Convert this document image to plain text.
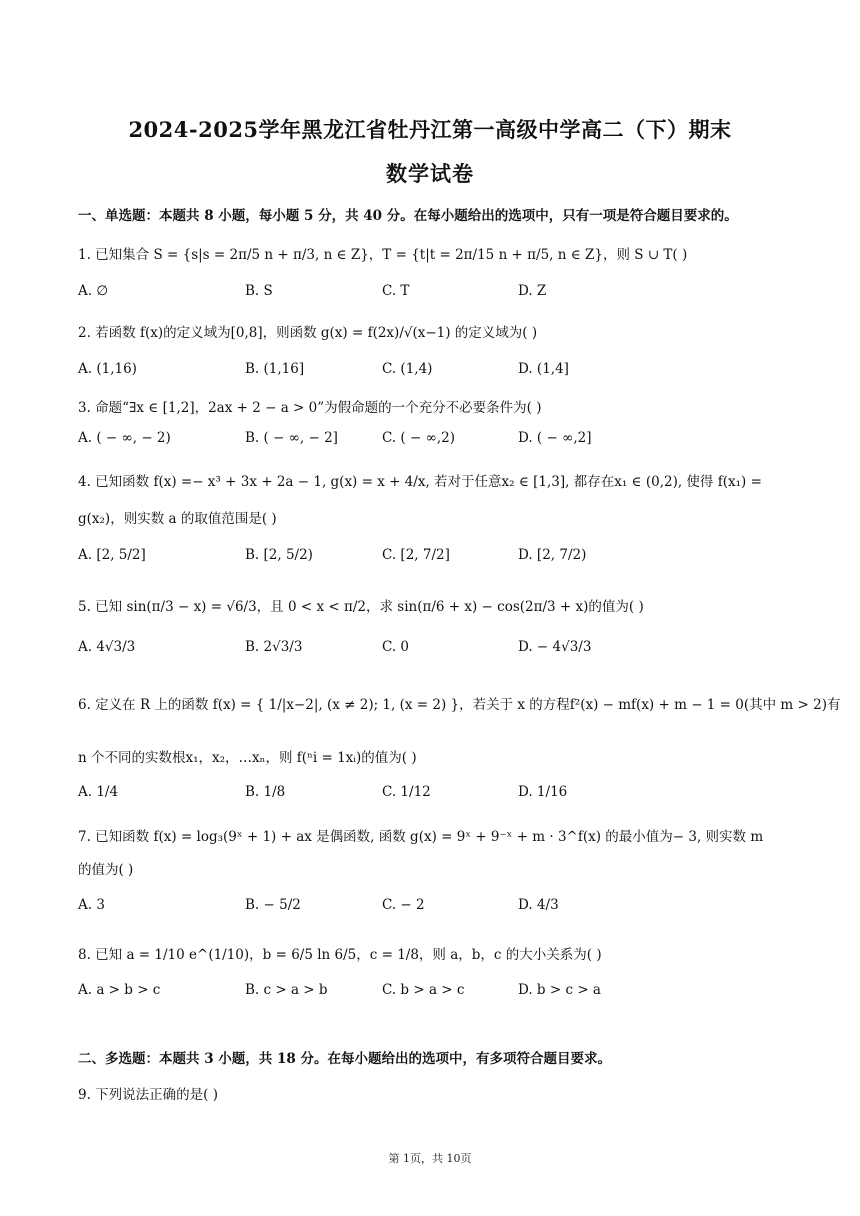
2024-2025学年黑龙江省牡丹江第一高级中学高二（下）期末
数学试卷
一、单选题：本题共 8 小题，每小题 5 分，共 40 分。在每小题给出的选项中，只有一项是符合题目要求的。
1. 已知集合 S = {s|s = 2π/5 n + π/3, n ∈ Z}，T = {t|t = 2π/15 n + π/5, n ∈ Z}，则 S ∪ T( )
A. ∅	B. S	C. T	D. Z
2. 若函数 f(x)的定义域为[0,8]，则函数 g(x) = f(2x)/√(x−1) 的定义域为( )
A. (1,16)	B. (1,16]	C. (1,4)	D. (1,4]
3. 命题“∃x ∈ [1,2]，2ax + 2 − a > 0”为假命题的一个充分不必要条件为( )
A. ( − ∞, − 2)	B. ( − ∞, − 2]	C. ( − ∞,2)	D. ( − ∞,2]
4. 已知函数 f(x) =− x³ + 3x + 2a − 1, g(x) = x + 4/x, 若对于任意x₂ ∈ [1,3], 都存在x₁ ∈ (0,2), 使得 f(x₁) =
g(x₂)，则实数 a 的取值范围是( )
A. [2, 5/2]	B. [2, 5/2)	C. [2, 7/2]	D. [2, 7/2)
5. 已知 sin(π/3 − x) = √6/3，且 0 < x < π/2，求 sin(π/6 + x) − cos(2π/3 + x)的值为( )
A. 4√3/3	B. 2√3/3	C. 0	D. − 4√3/3
6. 定义在 R 上的函数 f(x) = { 1/|x−2|, (x ≠ 2); 1, (x = 2) }，若关于 x 的方程f²(x) − mf(x) + m − 1 = 0(其中 m > 2)有
n 个不同的实数根x₁，x₂，…xₙ，则 f(ⁿi = 1xᵢ)的值为( )
A. 1/4	B. 1/8	C. 1/12	D. 1/16
7. 已知函数 f(x) = log₃(9ˣ + 1) + ax 是偶函数, 函数 g(x) = 9ˣ + 9⁻ˣ + m · 3^f(x) 的最小值为− 3, 则实数 m
的值为( )
A. 3	B. − 5/2	C. − 2	D. 4/3
8. 已知 a = 1/10 e^(1/10)，b = 6/5 ln 6/5，c = 1/8，则 a，b，c 的大小关系为( )
A. a > b > c	B. c > a > b	C. b > a > c	D. b > c > a
二、多选题：本题共 3 小题，共 18 分。在每小题给出的选项中，有多项符合题目要求。
9. 下列说法正确的是( )
第 1页，共 10页
